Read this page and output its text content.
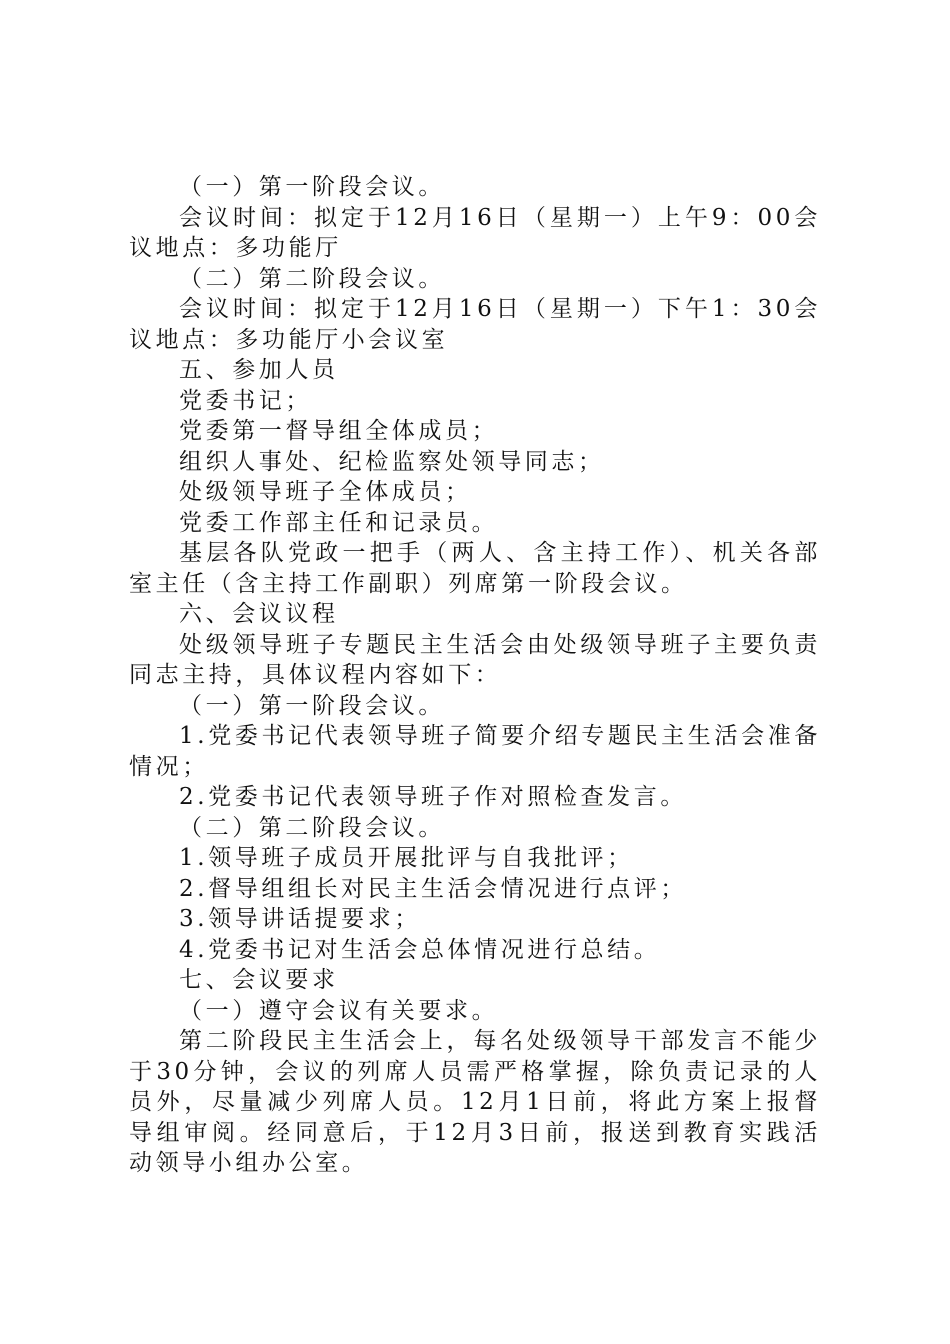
（一）第一阶段会议。

会议时间：拟定于12月16日（星期一）上午9：00会议地点：多功能厅

（二）第二阶段会议。

会议时间：拟定于12月16日（星期一）下午1：30会议地点：多功能厅小会议室

五、参加人员

党委书记；

党委第一督导组全体成员；

组织人事处、纪检监察处领导同志；

处级领导班子全体成员；

党委工作部主任和记录员。

基层各队党政一把手（两人、含主持工作）、机关各部室主任（含主持工作副职）列席第一阶段会议。

六、会议议程

处级领导班子专题民主生活会由处级领导班子主要负责同志主持，具体议程内容如下：

（一）第一阶段会议。

1.党委书记代表领导班子简要介绍专题民主生活会准备情况；

2.党委书记代表领导班子作对照检查发言。

（二）第二阶段会议。

1.领导班子成员开展批评与自我批评；

2.督导组组长对民主生活会情况进行点评；

3.领导讲话提要求；

4.党委书记对生活会总体情况进行总结。

七、会议要求

（一）遵守会议有关要求。

第二阶段民主生活会上，每名处级领导干部发言不能少于30分钟，会议的列席人员需严格掌握，除负责记录的人员外，尽量减少列席人员。12月1日前，将此方案上报督导组审阅。经同意后，于12月3日前，报送到教育实践活动领导小组办公室。
